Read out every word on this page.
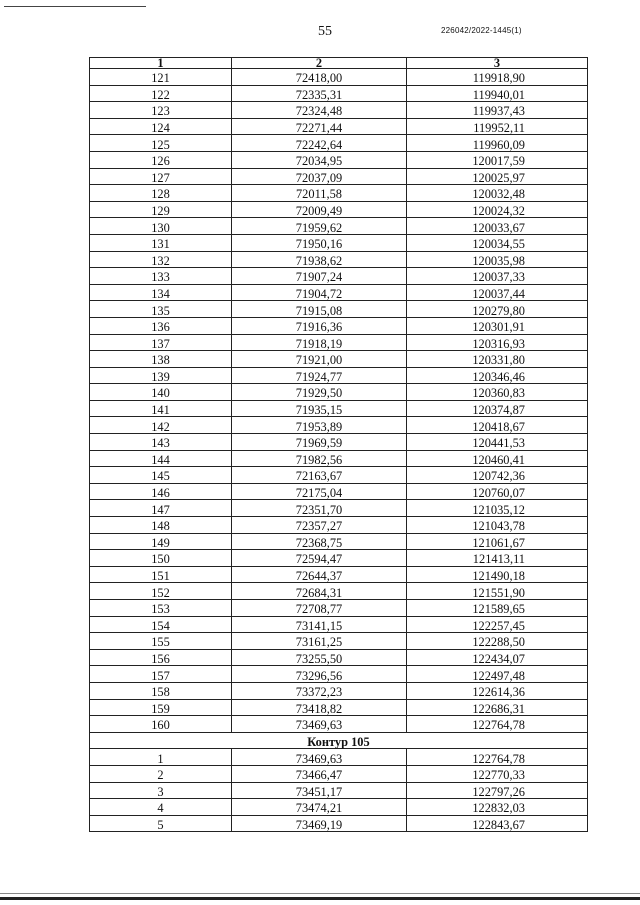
55	226042/2022-1445(1)
1	2	3
121	72418,00	119918,90
122	72335,31	119940,01
123	72324,48	119937,43
124	72271,44	119952,11
125	72242,64	119960,09
126	72034,95	120017,59
127	72037,09	120025,97
128	72011,58	120032,48
129	72009,49	120024,32
130	71959,62	120033,67
131	71950,16	120034,55
132	71938,62	120035,98
133	71907,24	120037,33
134	71904,72	120037,44
135	71915,08	120279,80
136	71916,36	120301,91
137	71918,19	120316,93
138	71921,00	120331,80
139	71924,77	120346,46
140	71929,50	120360,83
141	71935,15	120374,87
142	71953,89	120418,67
143	71969,59	120441,53
144	71982,56	120460,41
145	72163,67	120742,36
146	72175,04	120760,07
147	72351,70	121035,12
148	72357,27	121043,78
149	72368,75	121061,67
150	72594,47	121413,11
151	72644,37	121490,18
152	72684,31	121551,90
153	72708,77	121589,65
154	73141,15	122257,45
155	73161,25	122288,50
156	73255,50	122434,07
157	73296,56	122497,48
158	73372,23	122614,36
159	73418,82	122686,31
160	73469,63	122764,78
Контур 105		
1	73469,63	122764,78
2	73466,47	122770,33
3	73451,17	122797,26
4	73474,21	122832,03
5	73469,19	122843,67
